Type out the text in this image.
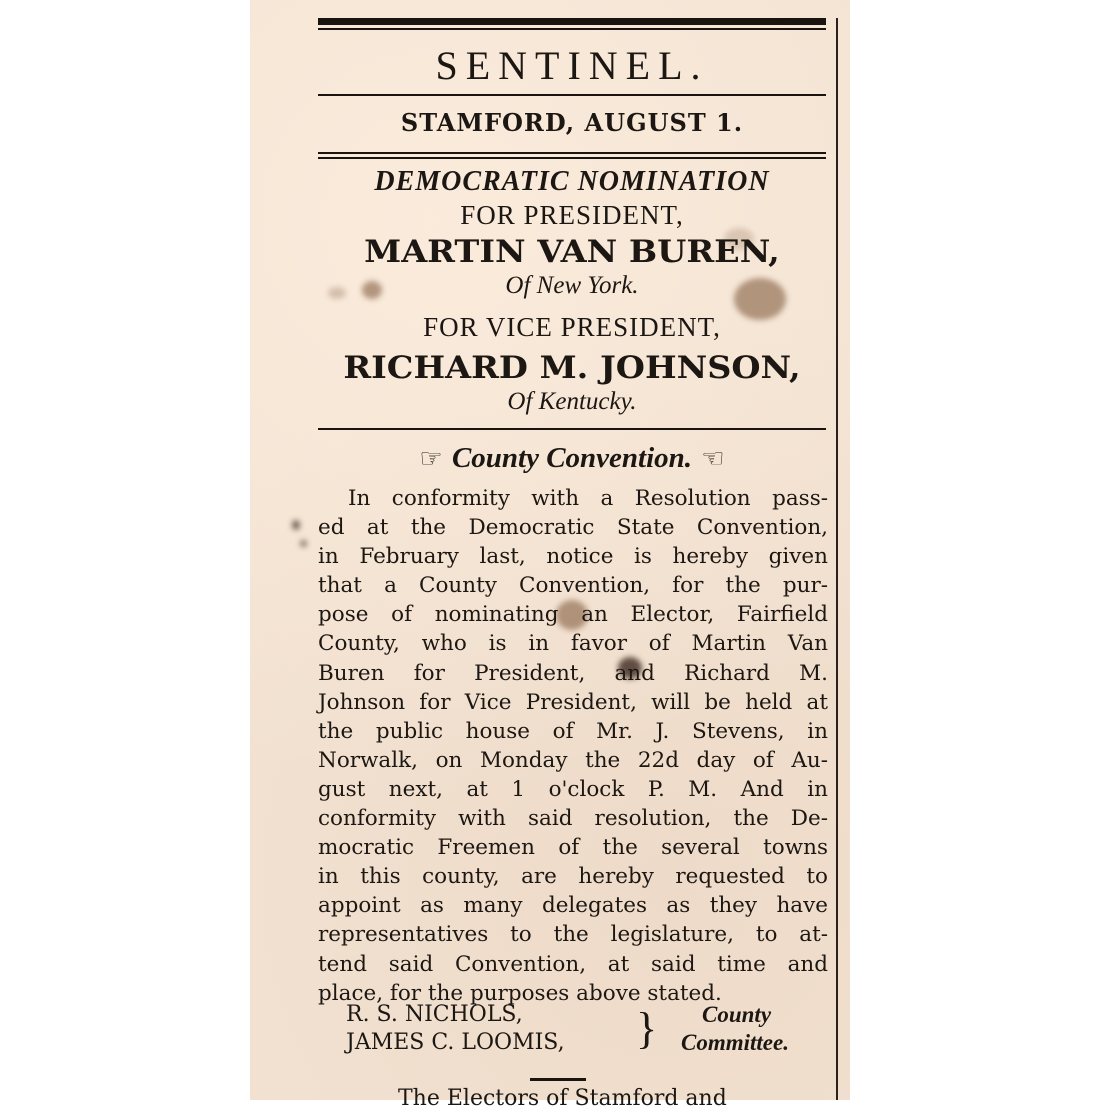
SENTINEL.
STAMFORD, AUGUST 1.
DEMOCRATIC NOMINATION
FOR PRESIDENT,
MARTIN VAN BUREN,
Of New York.
FOR VICE PRESIDENT,
RICHARD M. JOHNSON,
Of Kentucky.
☞ County Convention. ☜
In conformity with a Resolution pass-
ed at the Democratic State Convention,
in February last, notice is hereby given
that a County Convention, for the pur-
pose of nominating an Elector, Fairfield
County, who is in favor of Martin Van
Buren for President, and Richard M.
Johnson for Vice President, will be held at
the public house of Mr. J. Stevens, in
Norwalk, on Monday the 22d day of Au-
gust next, at 1 o'clock P. M. And in
conformity with said resolution, the De-
mocratic Freemen of the several towns
in this county, are hereby requested to
appoint as many delegates as they have
representatives to the legislature, to at-
tend said Convention, at said time and
place, for the purposes above stated.
R. S. NICHOLS,
JAMES C. LOOMIS, } County
Committee.
The Electors of Stamford and
